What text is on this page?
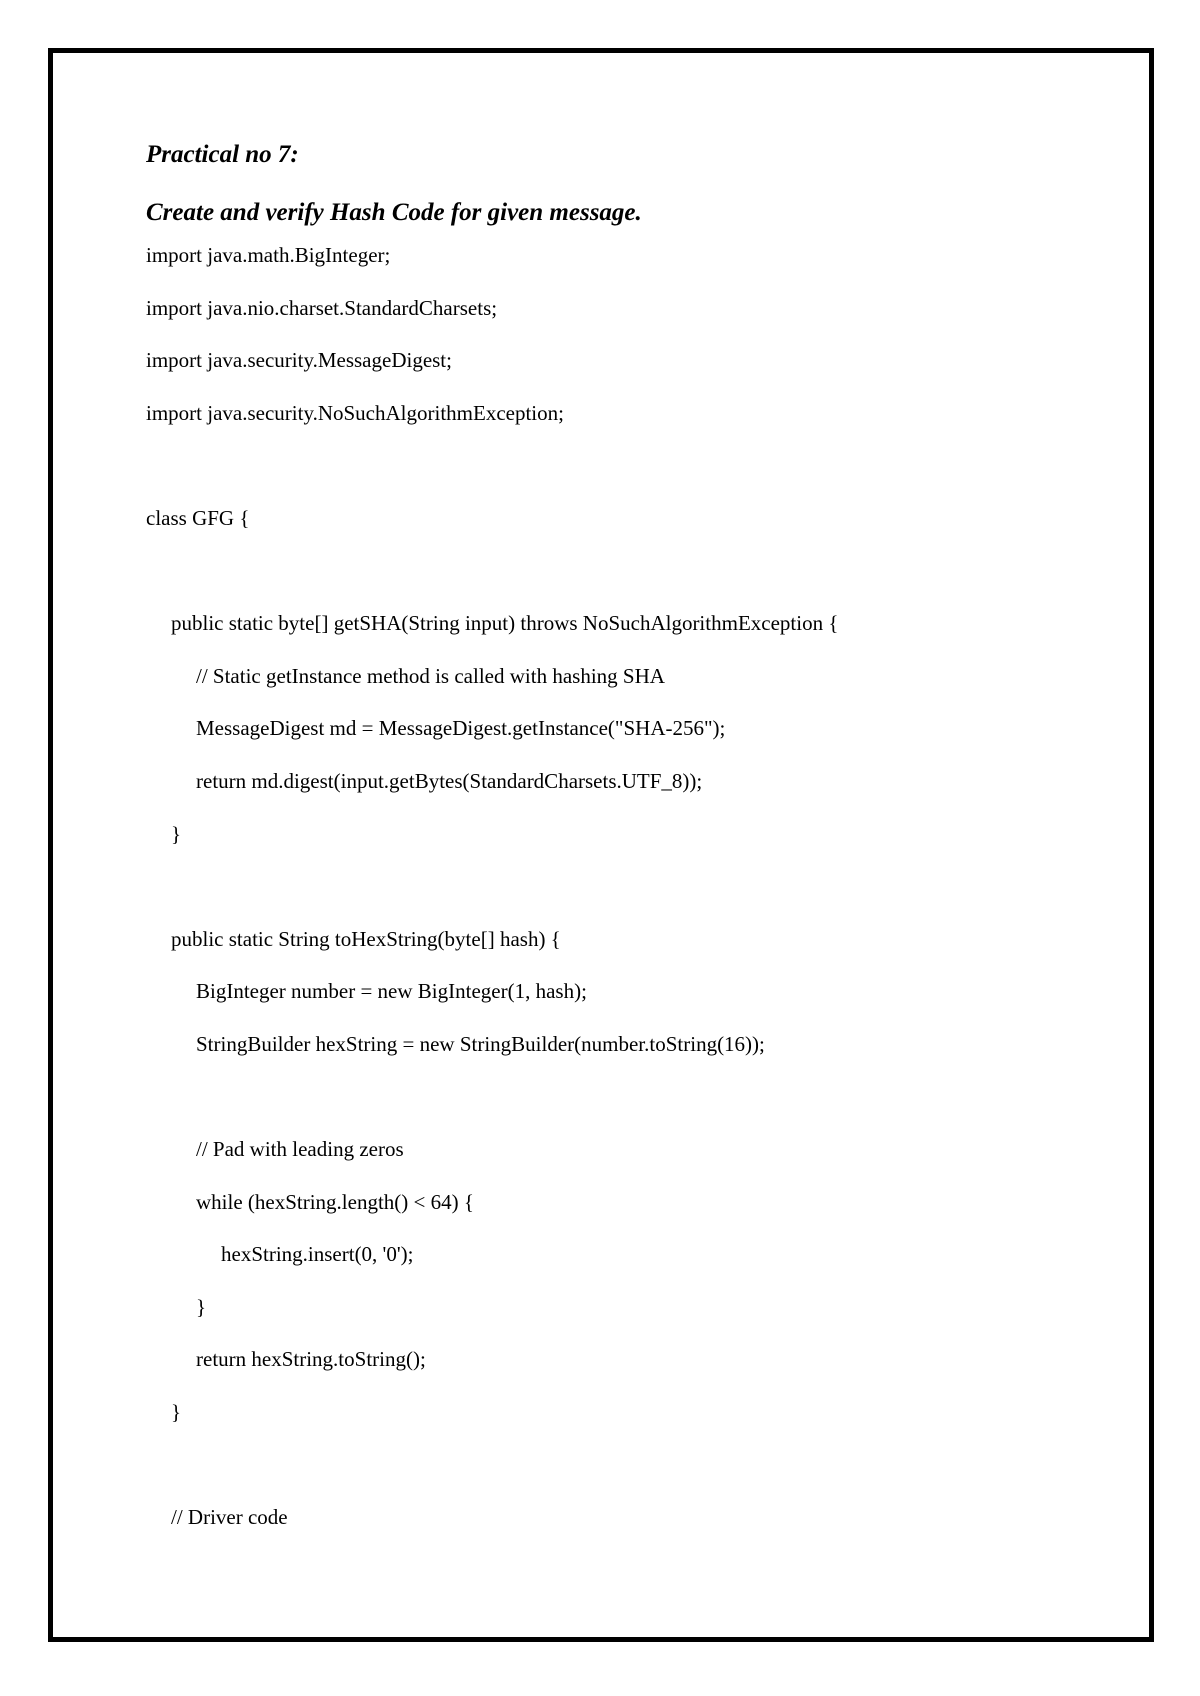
Practical no 7:
Create and verify Hash Code for given message.
import java.math.BigInteger;
import java.nio.charset.StandardCharsets;
import java.security.MessageDigest;
import java.security.NoSuchAlgorithmException;
class GFG {
public static byte[] getSHA(String input) throws NoSuchAlgorithmException {
// Static getInstance method is called with hashing SHA
MessageDigest md = MessageDigest.getInstance("SHA-256");
return md.digest(input.getBytes(StandardCharsets.UTF_8));
}
public static String toHexString(byte[] hash) {
BigInteger number = new BigInteger(1, hash);
StringBuilder hexString = new StringBuilder(number.toString(16));
// Pad with leading zeros
while (hexString.length() < 64) {
hexString.insert(0, '0');
}
return hexString.toString();
}
// Driver code
